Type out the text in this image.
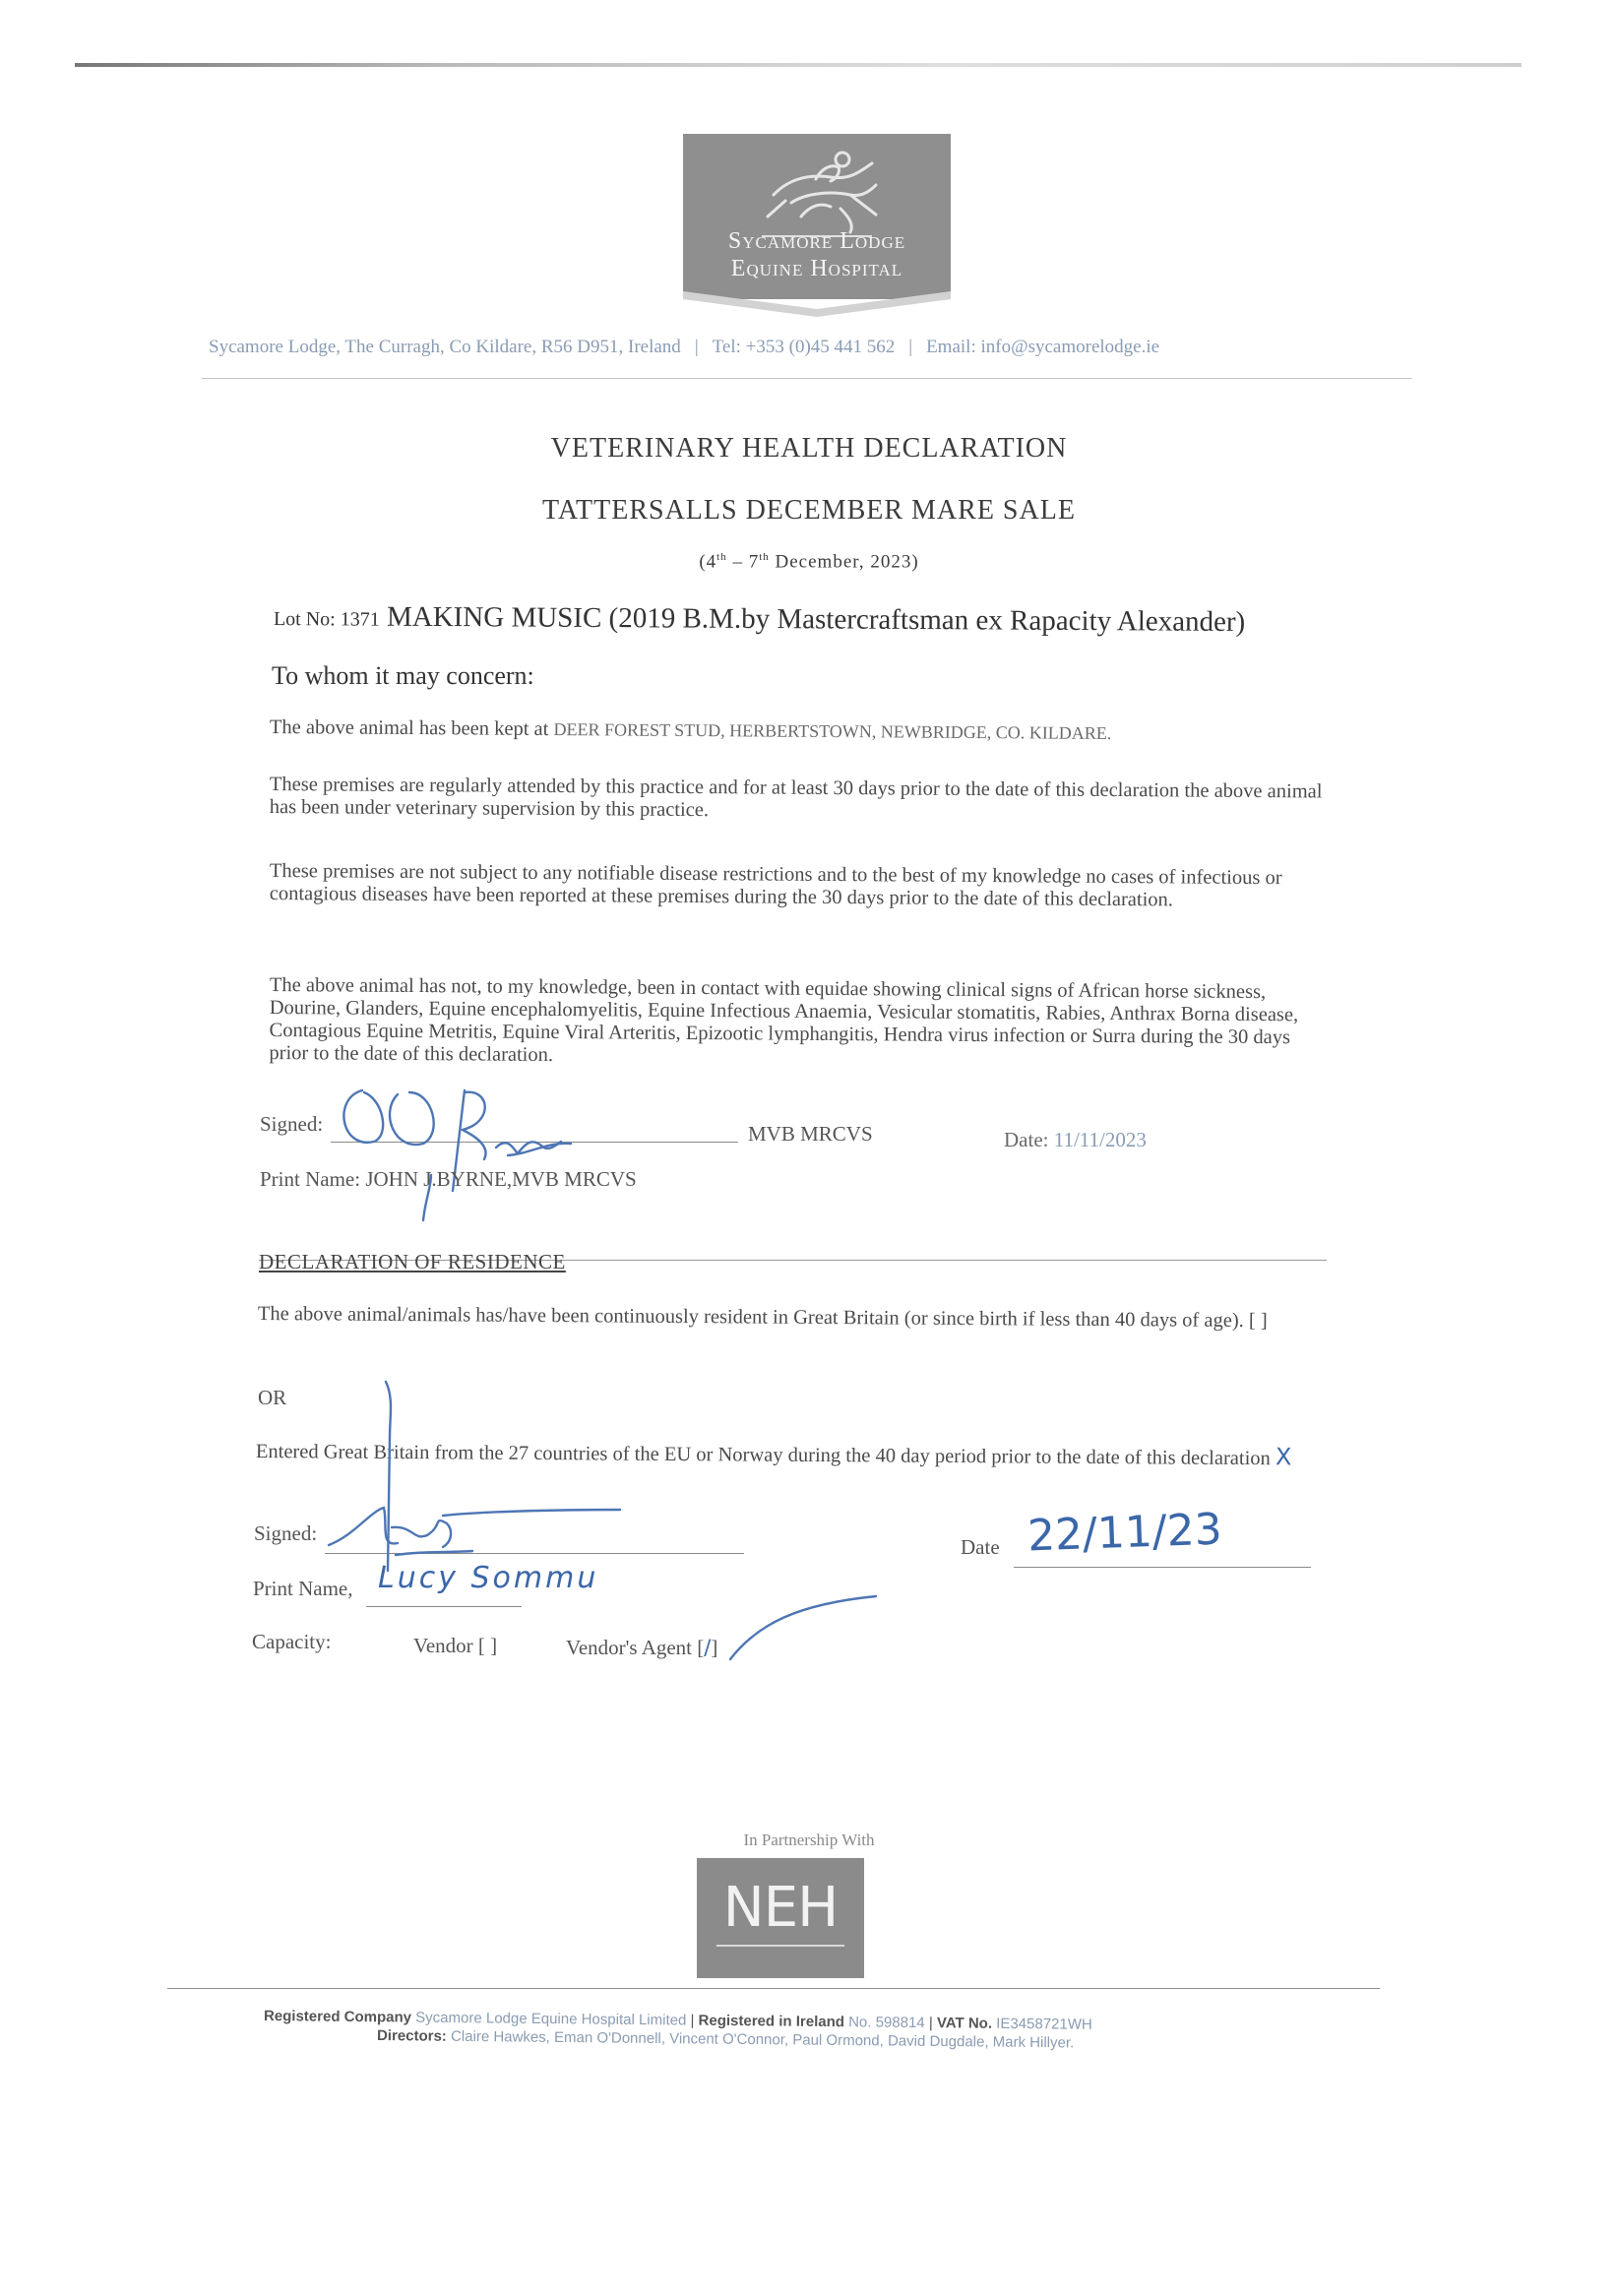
Sycamore Lodge
Equine Hospital
Sycamore Lodge, The Curragh, Co Kildare, R56 D951, Ireland | Tel: +353 (0)45 441 562 | Email: info@sycamorelodge.ie
VETERINARY HEALTH DECLARATION
TATTERSALLS DECEMBER MARE SALE
(4th – 7th December, 2023)
Lot No: 1371 MAKING MUSIC (2019 B.M.by Mastercraftsman ex Rapacity Alexander)
To whom it may concern:
The above animal has been kept at DEER FOREST STUD, HERBERTSTOWN, NEWBRIDGE, CO. KILDARE.
These premises are regularly attended by this practice and for at least 30 days prior to the date of this declaration the above animal has been under veterinary supervision by this practice.
These premises are not subject to any notifiable disease restrictions and to the best of my knowledge no cases of infectious or contagious diseases have been reported at these premises during the 30 days prior to the date of this declaration.
The above animal has not, to my knowledge, been in contact with equidae showing clinical signs of African horse sickness, Dourine, Glanders, Equine encephalomyelitis, Equine Infectious Anaemia, Vesicular stomatitis, Rabies, Anthrax Borna disease, Contagious Equine Metritis, Equine Viral Arteritis, Epizootic lymphangitis, Hendra virus infection or Surra during the 30 days prior to the date of this declaration.
Signed:	MVB MRCVS	Date: 11/11/2023
Print Name: JOHN J.BYRNE,MVB MRCVS
DECLARATION OF RESIDENCE
The above animal/animals has/have been continuously resident in Great Britain (or since birth if less than 40 days of age). [ ]
OR
Entered Great Britain from the 27 countries of the EU or Norway during the 40 day period prior to the date of this declaration X
Signed:
Date 22/11/23
Print Name, Lucy Sommu
Capacity:	Vendor [ ]	Vendor's Agent [/]
In Partnership With
NEH
Registered Company Sycamore Lodge Equine Hospital Limited | Registered in Ireland No. 598814 | VAT No. IE3458721WH
Directors: Claire Hawkes, Eman O'Donnell, Vincent O'Connor, Paul Ormond, David Dugdale, Mark Hillyer.
